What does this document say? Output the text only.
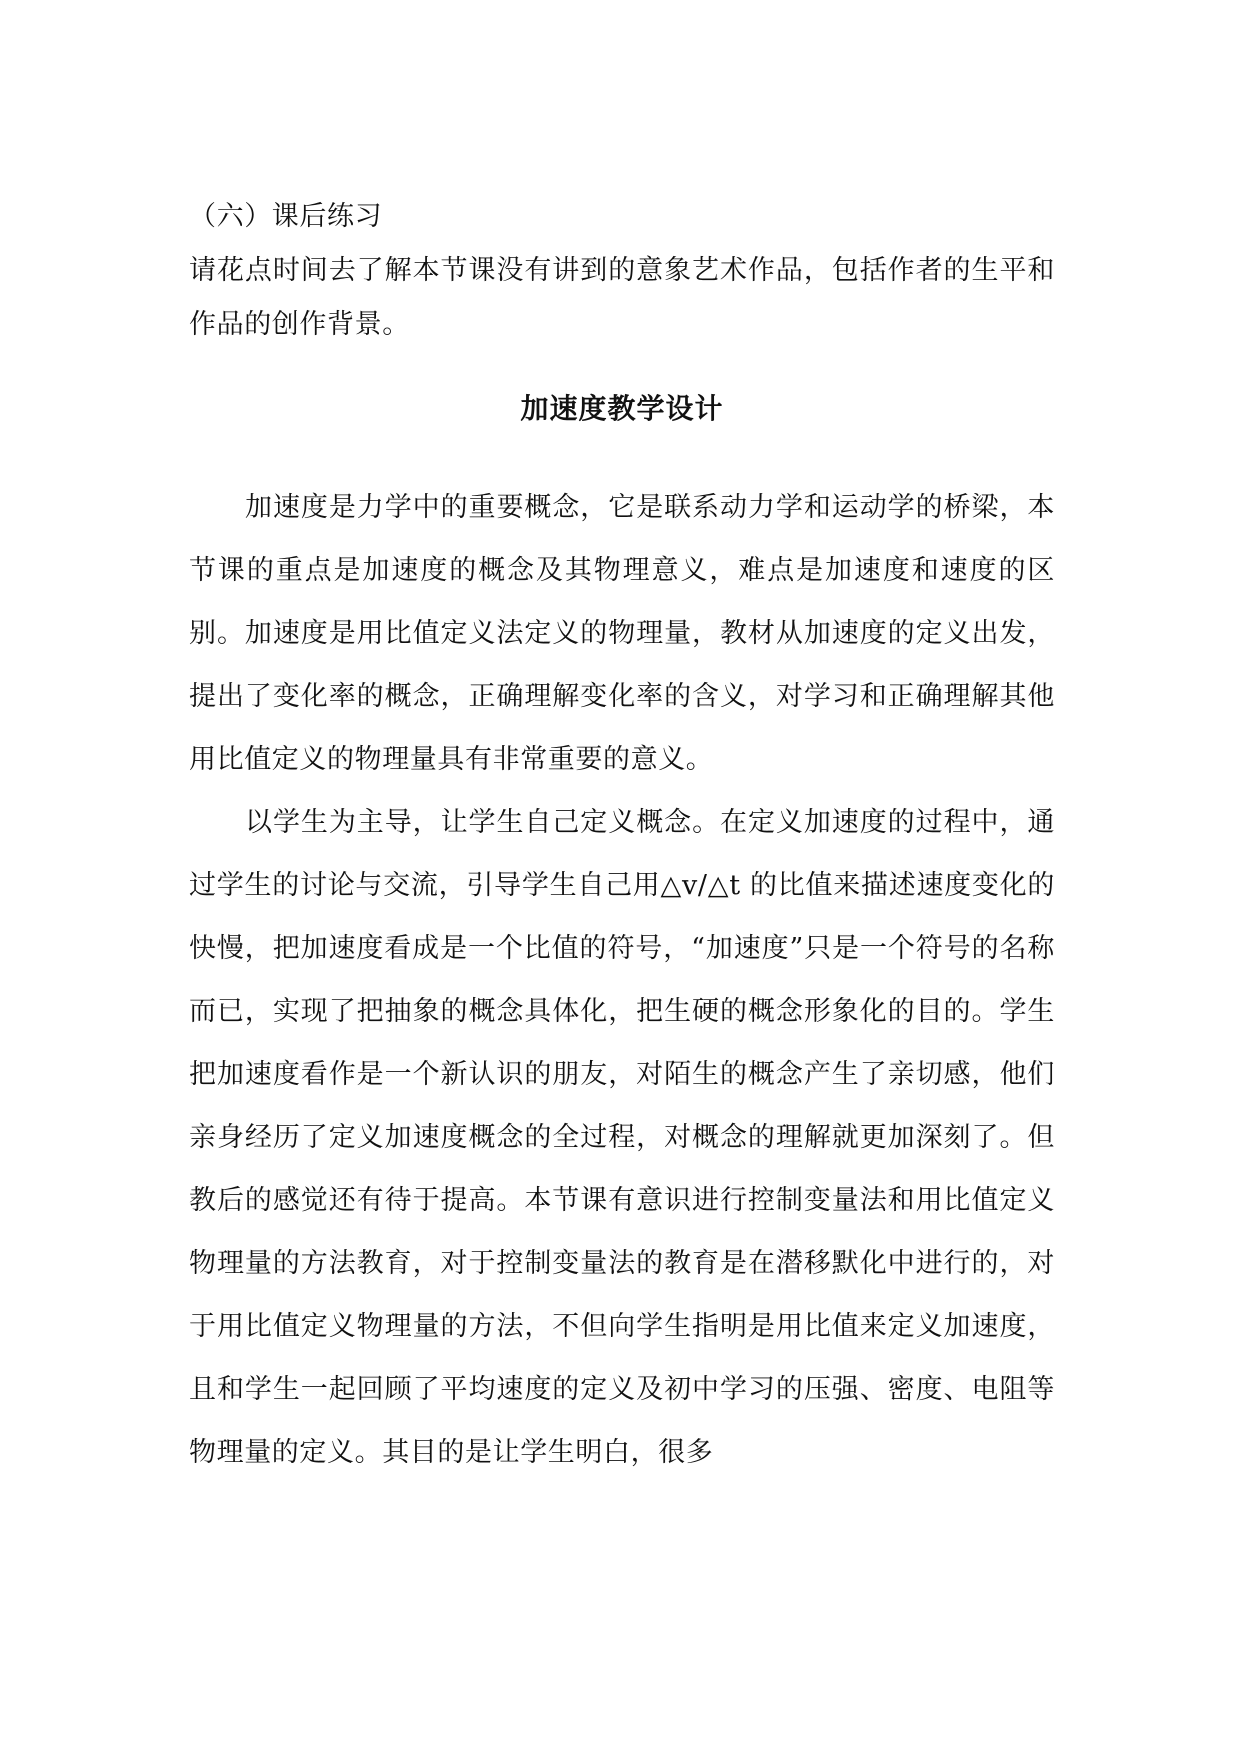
（六）课后练习
请花点时间去了解本节课没有讲到的意象艺术作品，包括作者的生平和作品的创作背景。
加速度教学设计

加速度是力学中的重要概念，它是联系动力学和运动学的桥梁，本节课的重点是加速度的概念及其物理意义，难点是加速度和速度的区别。加速度是用比值定义法定义的物理量，教材从加速度的定义出发，提出了变化率的概念，正确理解变化率的含义，对学习和正确理解其他用比值定义的物理量具有非常重要的意义。

以学生为主导，让学生自己定义概念。在定义加速度的过程中，通过学生的讨论与交流，引导学生自己用△v/△t 的比值来描述速度变化的快慢，把加速度看成是一个比值的符号，“加速度”只是一个符号的名称而已，实现了把抽象的概念具体化，把生硬的概念形象化的目的。学生把加速度看作是一个新认识的朋友，对陌生的概念产生了亲切感，他们亲身经历了定义加速度概念的全过程，对概念的理解就更加深刻了。但教后的感觉还有待于提高。本节课有意识进行控制变量法和用比值定义物理量的方法教育，对于控制变量法的教育是在潜移默化中进行的，对于用比值定义物理量的方法，不但向学生指明是用比值来定义加速度，且和学生一起回顾了平均速度的定义及初中学习的压强、密度、电阻等物理量的定义。其目的是让学生明白，很多
